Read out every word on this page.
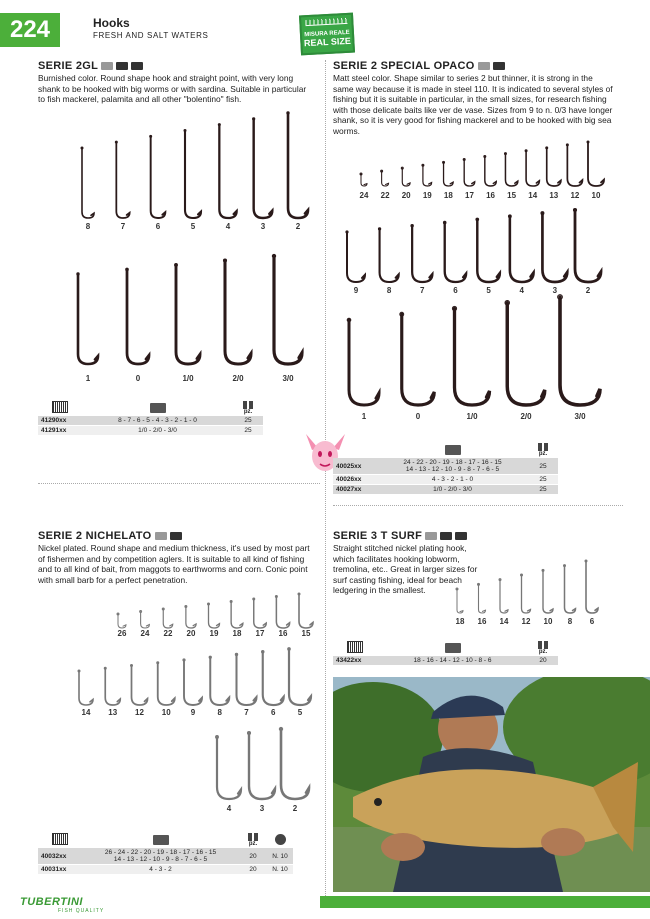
224	Hooks
FRESH AND SALT WATERS	MISURA REALE
REAL SIZE
SERIE 2GL
Burnished color. Round shape hook and straight point, with very long shank to be hooked with big worms or with sardina. Suitable in particular to fish mackerel, palamita and all other "bolentino" fish.
8	7	6	5	4	3	2
1	0	1/0	2/0	3/0

		pz.

41290xx	8 - 7 - 6 - 5 - 4 - 3 - 2 - 1 - 0	25
41291xx	1/0 - 2/0 - 3/0	25
SERIE 2 SPECIAL OPACO
Matt steel color. Shape similar to series 2 but thinner, it is strong in the same way because it is made in steel 110. It is indicated to several styles of fishing but it is suitable in particular, in the small sizes, for research fishing with those delicate baits like ver de vase. Sizes from 9 to n. 0/3 have longer shank, so it is very good for fishing mackerel and to be hooked with big sea worms.
24 22 20 19 18 17 16 15 14 13 12 10
9	8	7	6	5	4	3	2
1	0	1/0	2/0	3/0

		pz.

40025xx	24 - 22 - 20 - 19 - 18 - 17 - 16 - 15
14 - 13 - 12 - 10 - 9 - 8 - 7 - 6 - 5	25
40026xx	4 - 3 - 2 - 1 - 0	25
40027xx	1/0 - 2/0 - 3/0	25
SERIE 2 NICHELATO
Nickel plated. Round shape and medium thickness, it's used by most part of fishermen and by competition aglers. It is suitable to all kind of fishing and to all kind of bait, from maggots to earthworms and corn. Conic point with small barb for a perfect penetration.
26 24 22 20 19 18 17 16 15
14 13 12 10	9	8	7	6	5
4	3	2

		pz.	

40032xx	26 - 24 - 22 - 20 - 19 - 18 - 17 - 16 - 15
14 - 13 - 12 - 10 - 9 - 8 - 7 - 6 - 5	20	N. 10
40031xx	4 - 3 - 2	20	N. 10
SERIE 3 T SURF
Straight stitched nickel plating hook, which facilitates hooking lobworm, tremolina, etc.. Great in larger sizes for surf casting fishing, ideal for beach ledgering in the smallest.
18 16 14 12 10 8 6

		pz.

43422xx	18 - 16 - 14 - 12 - 10 - 8 - 6	20
TUBERTINI
FISH QUALITY
